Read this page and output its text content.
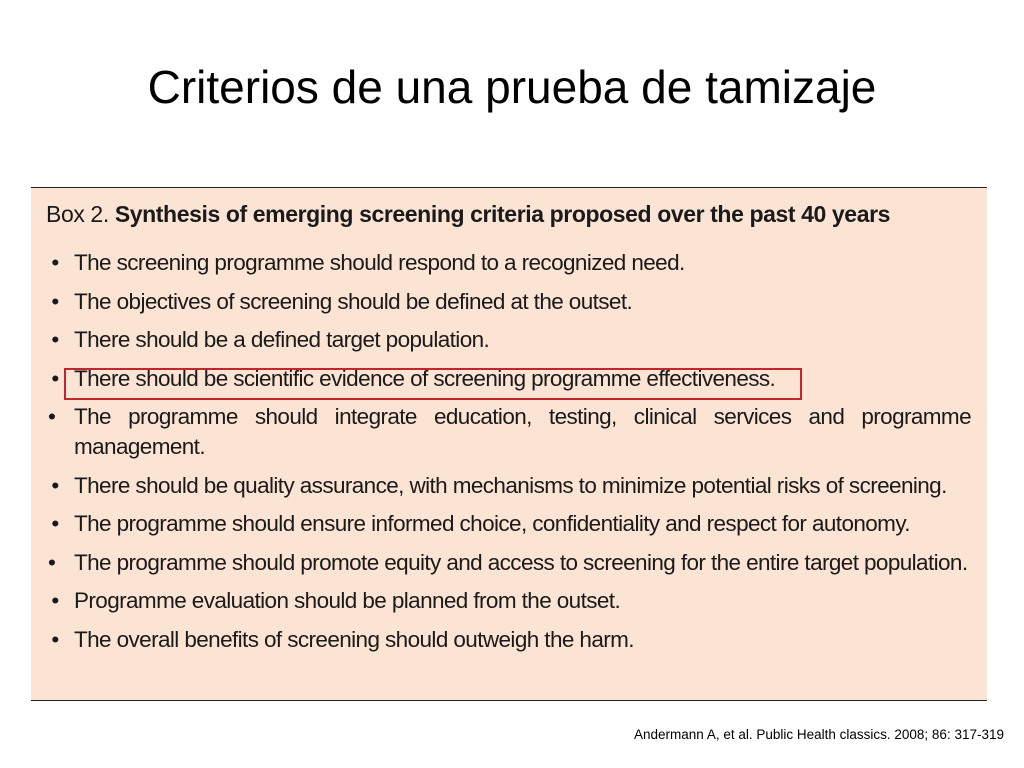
Criterios de una prueba de tamizaje
Box 2. Synthesis of emerging screening criteria proposed over the past 40 years
• The screening programme should respond to a recognized need.
• The objectives of screening should be defined at the outset.
• There should be a defined target population.
• There should be scientific evidence of screening programme effectiveness.
• The programme should integrate education, testing, clinical services and programme management.
• There should be quality assurance, with mechanisms to minimize potential risks of screening.
• The programme should ensure informed choice, confidentiality and respect for autonomy.
• The programme should promote equity and access to screening for the entire target population.
• Programme evaluation should be planned from the outset.
• The overall benefits of screening should outweigh the harm.
Andermann A, et al. Public Health classics. 2008; 86: 317-319
